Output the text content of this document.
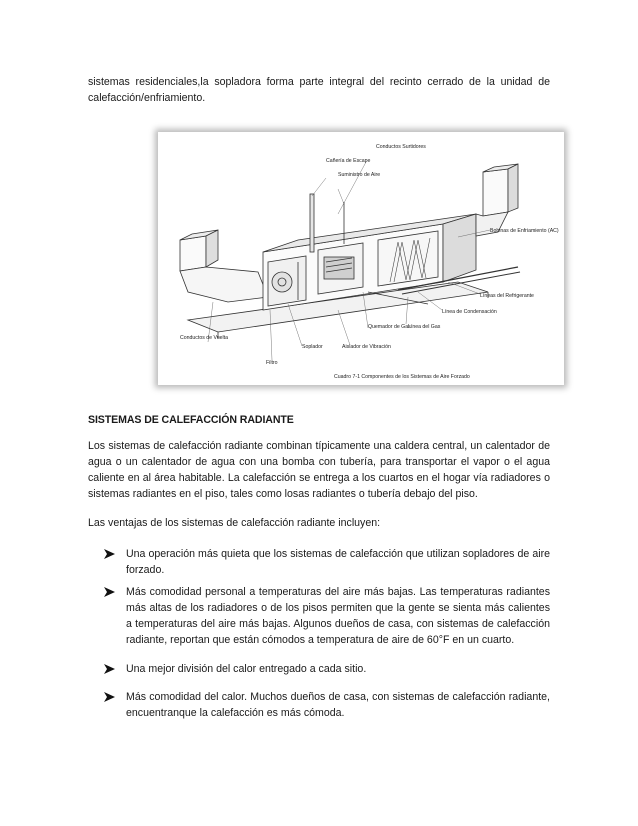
sistemas residenciales,la sopladora forma parte integral del recinto cerrado de la unidad de calefacción/enfriamiento.

Conductos Surtidores
Cañería de Escape
Suministro de Aire
Bobinas de Enfriamiento (AC)
Líneas del Refrigerante
Línea de Condensación
Quemador de Gas
Línea del Gas
Conductos de Vuelta
Soplador	Aislador de Vibración
Filtro
Cuadro 7-1 Componentes de los Sistemas de Aire Forzado
SISTEMAS DE CALEFACCIÓN RADIANTE

Los sistemas de calefacción radiante combinan típicamente una caldera central, un calentador de agua o un calentador de agua con una bomba con tubería, para transportar el vapor o el agua caliente en al área habitable. La calefacción se entrega a los cuartos en el hogar vía radiadores o sistemas radiantes en el piso, tales como losas radiantes o tubería debajo del piso.

Las ventajas de los sistemas de calefacción radiante incluyen:

Una operación más quieta que los sistemas de calefacción que utilizan sopladores de aire forzado.
Más comodidad personal a temperaturas del aire más bajas. Las temperaturas radiantes más altas de los radiadores o de los pisos permiten que la gente se sienta más calientes a temperaturas del aire más bajas. Algunos dueños de casa, con sistemas de calefacción radiante, reportan que están cómodos a temperatura de aire de 60°F en un cuarto.
Una mejor división del calor entregado a cada sitio.
Más comodidad del calor. Muchos dueños de casa, con sistemas de calefacción radiante, encuentranque la calefacción es más cómoda.
